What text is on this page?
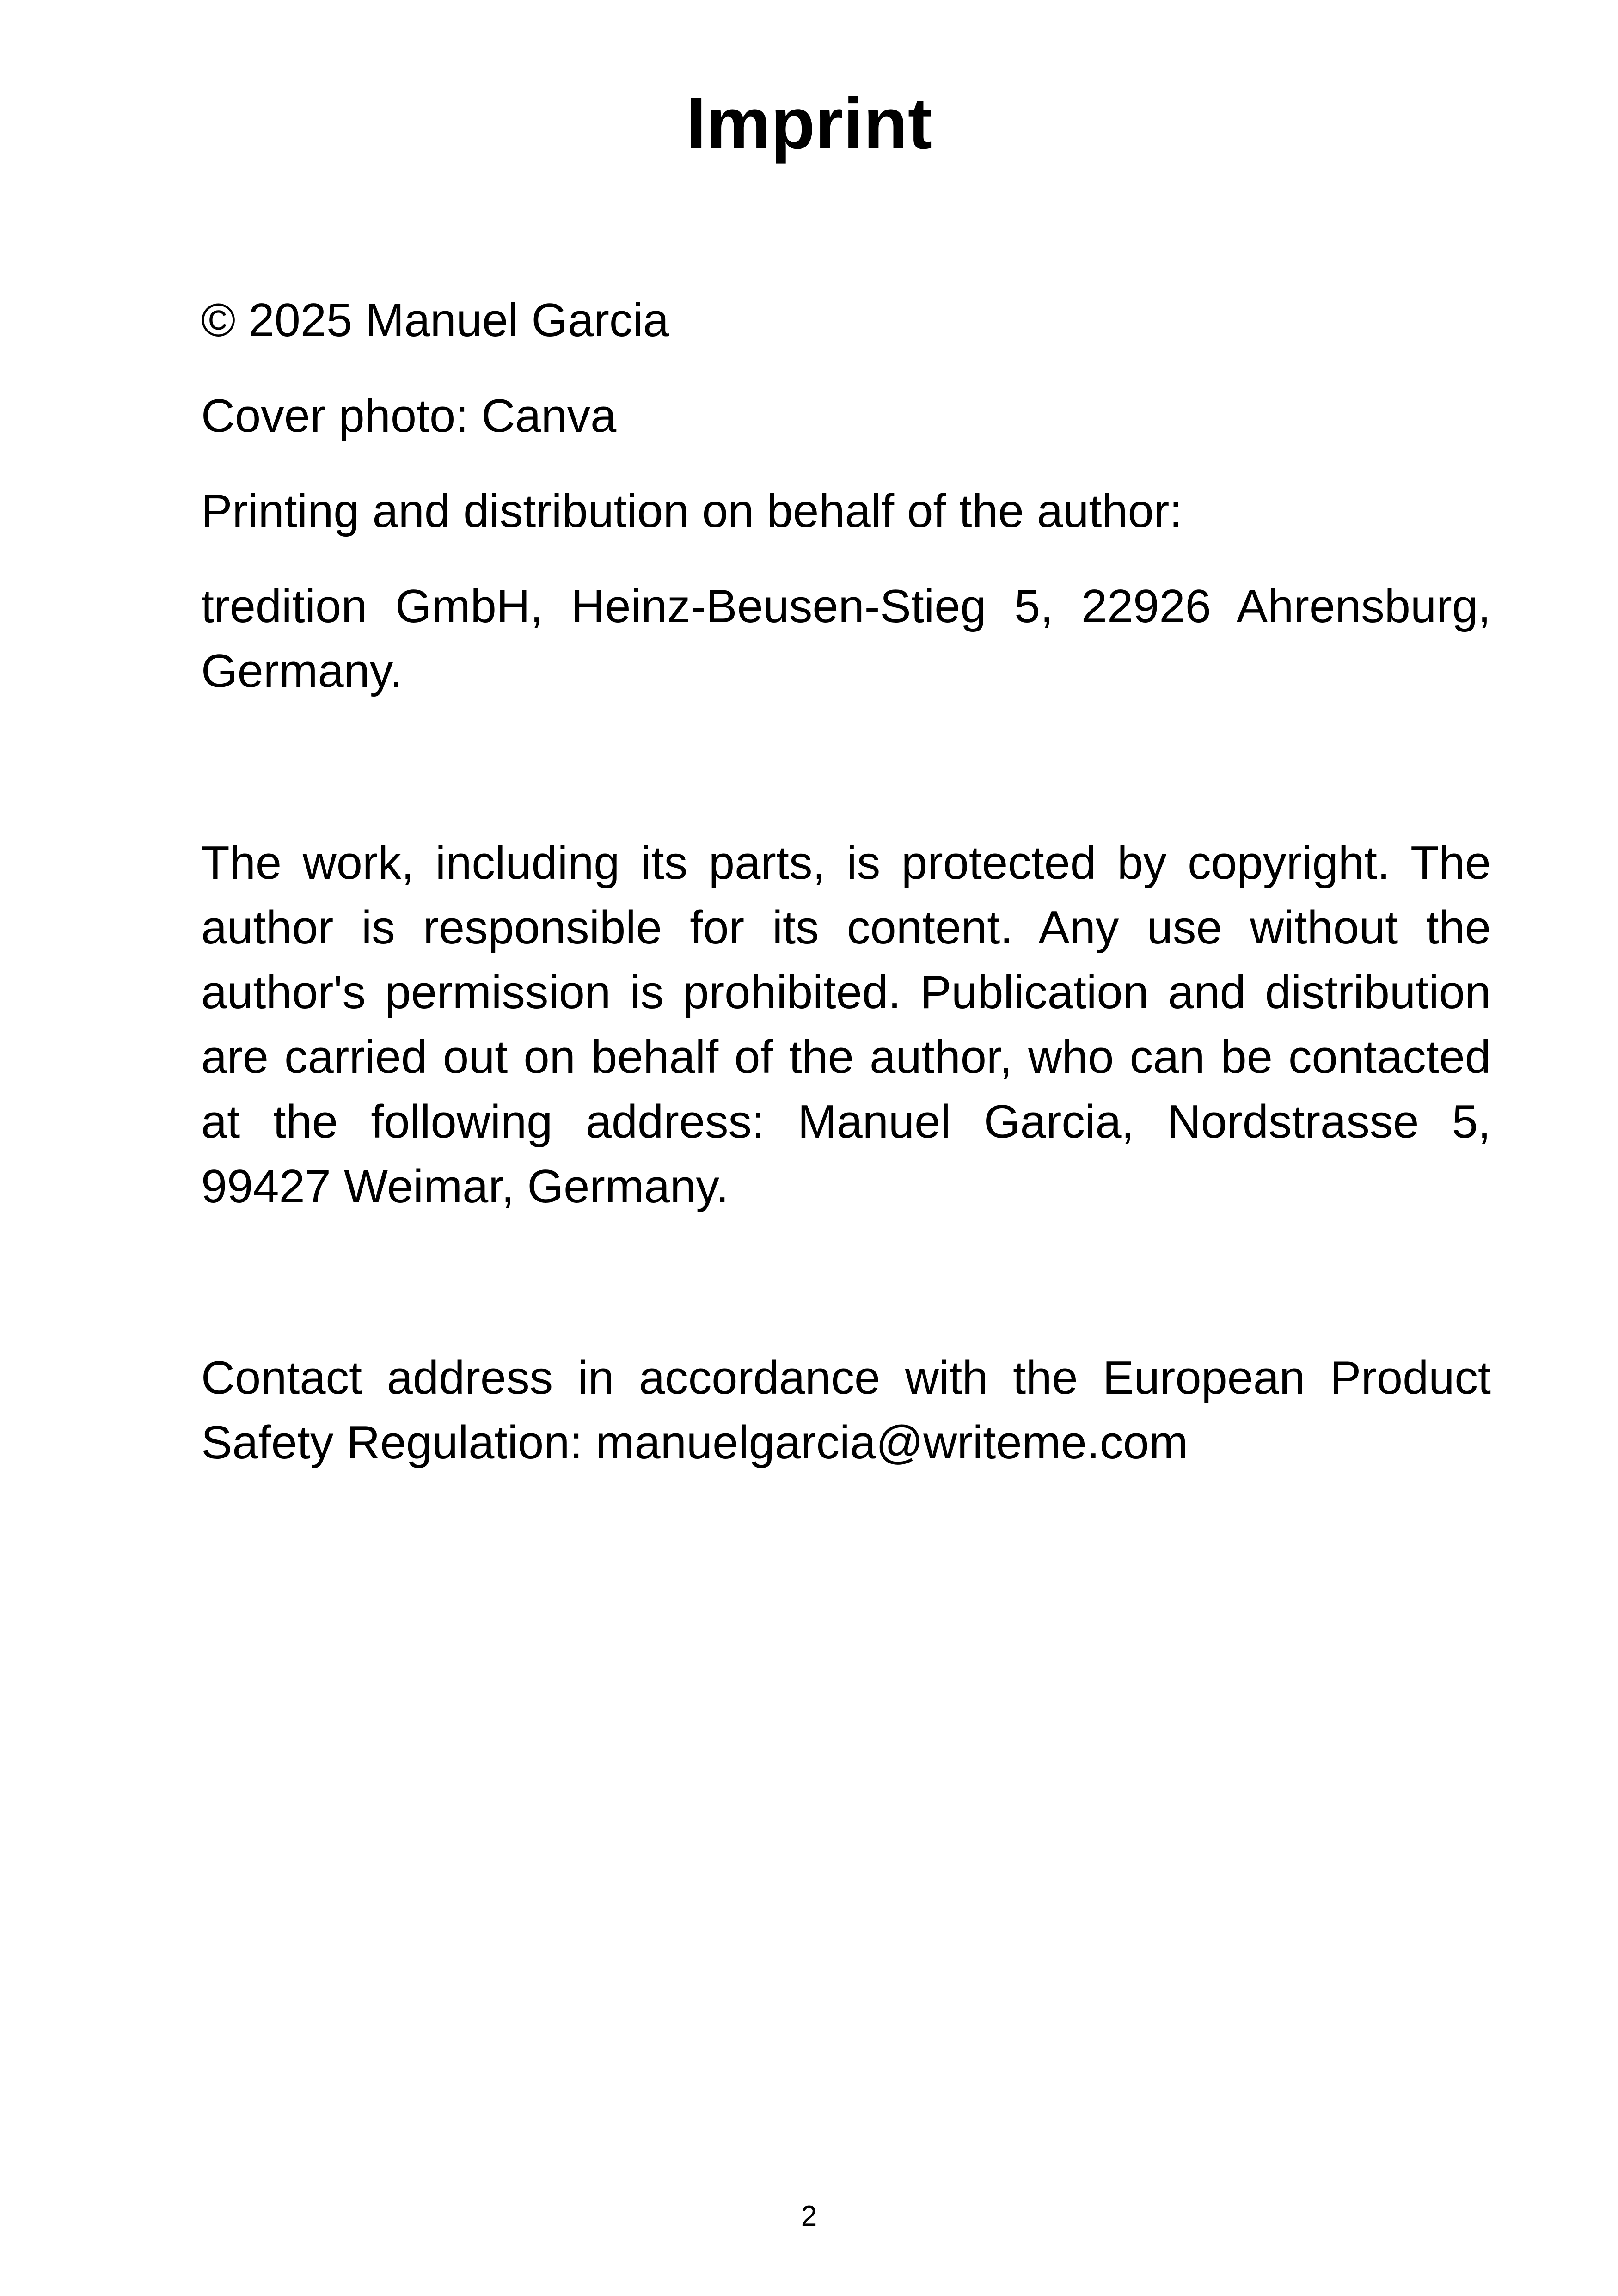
Imprint

© 2025 Manuel Garcia

Cover photo: Canva

Printing and distribution on behalf of the author:

tredition GmbH, Heinz-Beusen-Stieg 5, 22926 Ahrensburg, Germany.

The work, including its parts, is protected by copyright. The author is responsible for its content. Any use without the author's permission is prohibited. Publication and distribution are carried out on behalf of the author, who can be contacted at the following address: Manuel Garcia, Nordstrasse 5, 99427 Weimar, Germany.

Contact address in accordance with the European Product Safety Regulation: manuelgarcia@writeme.com

2
